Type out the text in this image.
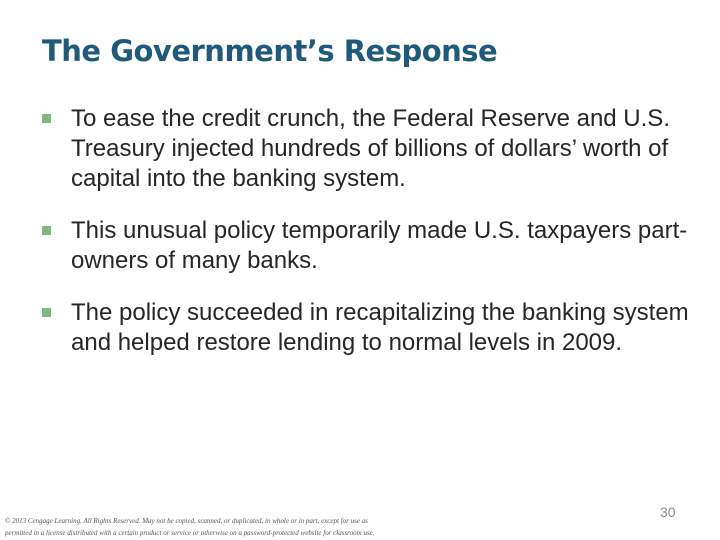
The Government’s Response
To ease the credit crunch, the Federal Reserve and U.S. Treasury injected hundreds of billions of dollars’ worth of capital into the banking system.
This unusual policy temporarily made U.S. taxpayers part-owners of many banks.
The policy succeeded in recapitalizing the banking system and helped restore lending to normal levels in 2009.

© 2013 Cengage Learning. All Rights Reserved. May not be copied, scanned, or duplicated, in whole or in part, except for use as
permitted in a license distributed with a certain product or service or otherwise on a password-protected website for classroom use.

30
